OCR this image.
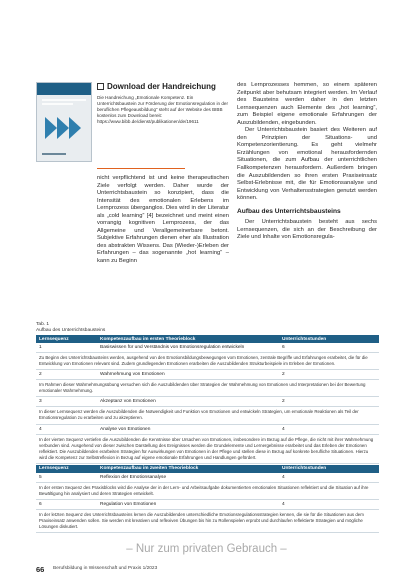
Download der Handreichung
Die Handreichung „Emotionale Kompetenz. Ein Unterrichtsbaustein zur Förderung der Emotionsregulation in der beruflichen Pflegeausbildung“ steht auf der Website des BIBB kostenlos zum Download bereit: https://www.bibb.de/dienst/publikationen/de/19611

nicht verpflichtend ist und keine therapeutischen Ziele verfolgt werden. Daher wurde der Unterrichtsbaustein so konzipiert, dass die Intensität des emotionalen Erlebens im Lernprozess überganglos. Dies wird in der Literatur als „cold learning“ [4] bezeichnet und meint einen vorrangig kognitiven Lernprozess, der das Allgemeine und Verallgemeinerbare betont. Subjektive Erfahrungen dienen eher als Illustration des abstrakten Wissens. Das (Wieder-)Erleben der Erfahrungen – das sogenannte „hot learning“ – kann zu Beginn

des Lernprozesses hemmen, so einem späteren Zeitpunkt aber behutsam integriert werden. Im Verlauf des Bausteins werden daher in den letzten Lernsequenzen auch Elemente des „hot learning“, zum Beispiel eigene emotionale Erfahrungen der Auszubildenden, eingebunden.

Der Unterrichtsbaustein basiert des Weiteren auf den Prinzipien der Situations- und Kompetenzorientierung. Es geht vielmehr Erzählungen von emotional herausfordernden Situationen, die zum Aufbau der unterrichtlichen Fallkompetenzen herausfordern. Außerdem bringen die Auszubildenden so ihren ersten Praxiseinsatz Selbst-Erlebnisse mit, die für Emotionsanalyse und Entwicklung von Verhaltensstrategien genutzt werden können.

Aufbau des Unterrichtsbausteins

Der Unterrichtsbaustein besteht aus sechs Lernsequenzen, die sich an der Beschreibung der Ziele und Inhalte von Emotionsregula-

Tab. 1
Aufbau des Unterrichtsbausteins
Lernsequenz	Kompetenzaufbau im ersten Theorieblock	Unterrichtsstunden
1	Basiswissen für und Verständnis von Emotionsregulation entwickeln	6
Zu Beginn des Unterrichtsbausteins werden, ausgehend von den Emotionsbildungsbewegungen vom Emotionen, zentrale Begriffe und Erfahrungen erarbeitet, die für die Entwicklung von Emotionen relevant sind. Zudem grundlegenden Emotionen erarbeiten die Auszubildenden Strukturbeispiele im Erleben der Emotionen.
2	Wahrnehmung von Emotionen	2
Im Rahmen dieser Wahrnehmungsübung versuchen sich die Auszubildenden über Strategien der Wahrnehmung von Emotionen und Interpretationen bei der Bewertung emotionaler Wahrnehmung.
3	Akzeptanz von Emotionen	2
In dieser Lernsequenz werden die Auszubildenden die Notwendigkeit und Funktion von Emotionen und entwickeln Strategien, um emotionale Reaktionen als Teil der Emotionsregulation zu erarbeiten und zu akzeptieren.
4	Analyse von Emotionen	4
In der vierten Sequenz vertiefen die Auszubildenden die Kenntnisse über Ursachen von Emotionen, insbesondere im Bezug auf die Pflege, die nicht mit ihrer Wahrnehmung verbunden sind. Ausgehend von dieser zwischen Darstellung des Ereignisses werden die Grundelemente und Lernergebnisse erarbeitet und das Erleben der Emotionen reflektiert. Die Auszubildenden erarbeiten Strategien für Auswirkungen von Emotionen in der Pflege und stellen diese in Bezug auf konkrete berufliche Situationen. Hierzu wird die Kompetenz zur Selbstreflexion in Bezug auf eigene emotionale Erfahrungen und Handlungen gefördert.
Lernsequenz	Kompetenzaufbau im zweiten Theorieblock	Unterrichtsstunden
5	Reflexion der Emotionsanalyse	4
In der ersten Sequenz des Praxisblocks wird die Analyse der in der Lern- und Arbeitsaufgabe dokumentierten emotionalen Situationen reflektiert und die Situation auf ihre Bewältigung hin analysiert und deren Strategien entwickelt.
6	Regulation von Emotionen	4
In der letzten Sequenz des Unterrichtsbausteins lernen die Auszubildenden unterschiedliche Emotionsregulationsstrategien kennen, die sie für die Situationen aus dem Praxiseinsatz anwenden sollen. Sie werden mit kreativen und reflexiven Übungen bis hin zu Rollenspielen erprobt und durchlaufen reflektierte Strategien und mögliche Lösungen diskutiert.
– Nur zum privaten Gebrauch –
66 Berufsbildung in Wissenschaft und Praxis 1/2023
